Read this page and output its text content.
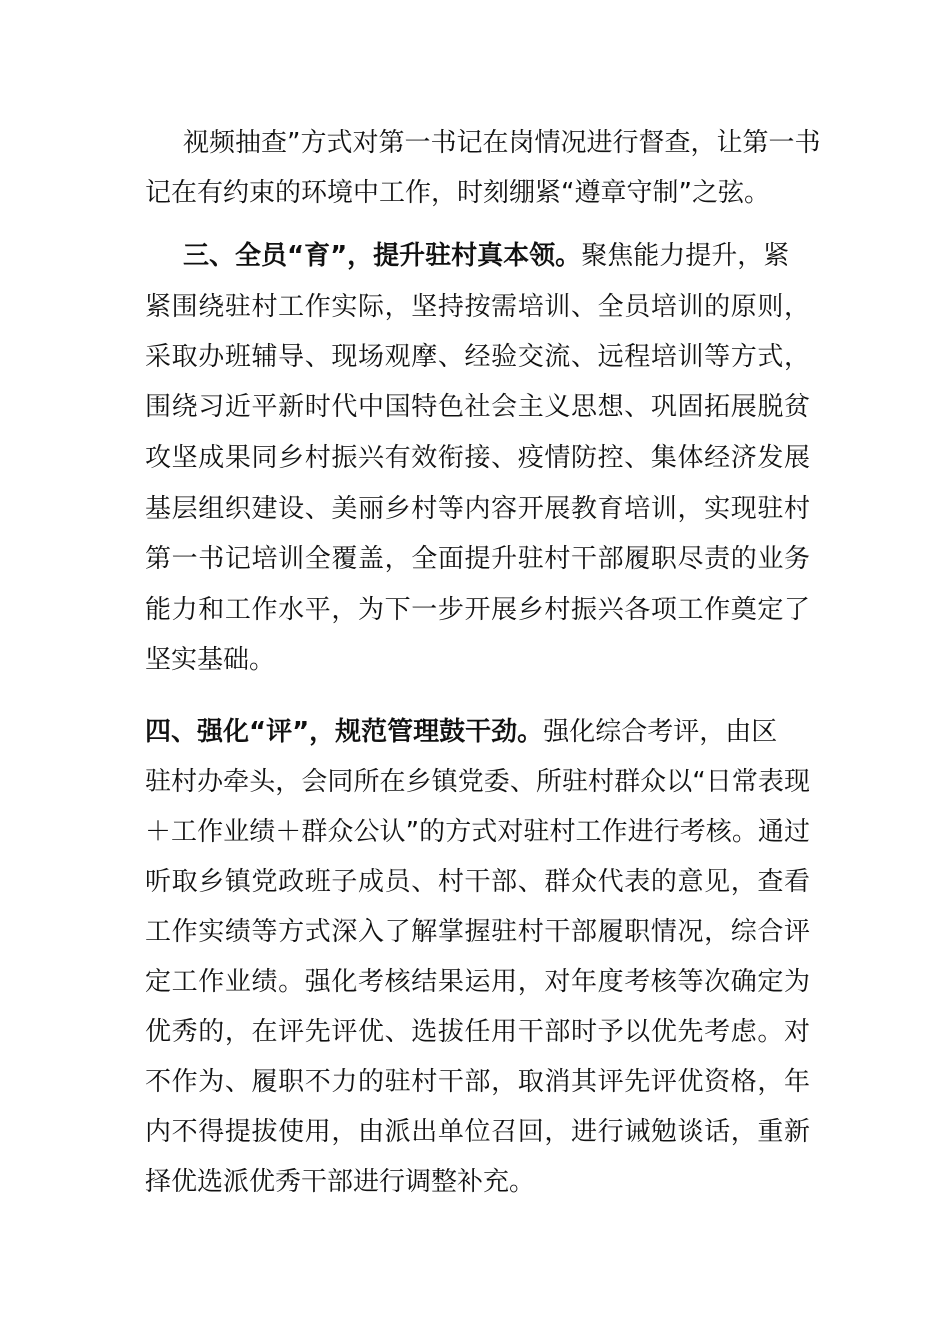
视频抽查”方式对第一书记在岗情况进行督查，让第一书
记在有约束的环境中工作，时刻绷紧“遵章守制”之弦。
三、全员“育”，提升驻村真本领。聚焦能力提升，紧
紧围绕驻村工作实际，坚持按需培训、全员培训的原则，
采取办班辅导、现场观摩、经验交流、远程培训等方式，
围绕习近平新时代中国特色社会主义思想、巩固拓展脱贫
攻坚成果同乡村振兴有效衔接、疫情防控、集体经济发展
基层组织建设、美丽乡村等内容开展教育培训，实现驻村
第一书记培训全覆盖，全面提升驻村干部履职尽责的业务
能力和工作水平，为下一步开展乡村振兴各项工作奠定了
坚实基础。
四、强化“评”，规范管理鼓干劲。强化综合考评，由区
驻村办牵头，会同所在乡镇党委、所驻村群众以“日常表现
＋工作业绩＋群众公认”的方式对驻村工作进行考核。通过
听取乡镇党政班子成员、村干部、群众代表的意见，查看
工作实绩等方式深入了解掌握驻村干部履职情况，综合评
定工作业绩。强化考核结果运用，对年度考核等次确定为
优秀的，在评先评优、选拔任用干部时予以优先考虑。对
不作为、履职不力的驻村干部，取消其评先评优资格，年
内不得提拔使用，由派出单位召回，进行诫勉谈话，重新
择优选派优秀干部进行调整补充。
